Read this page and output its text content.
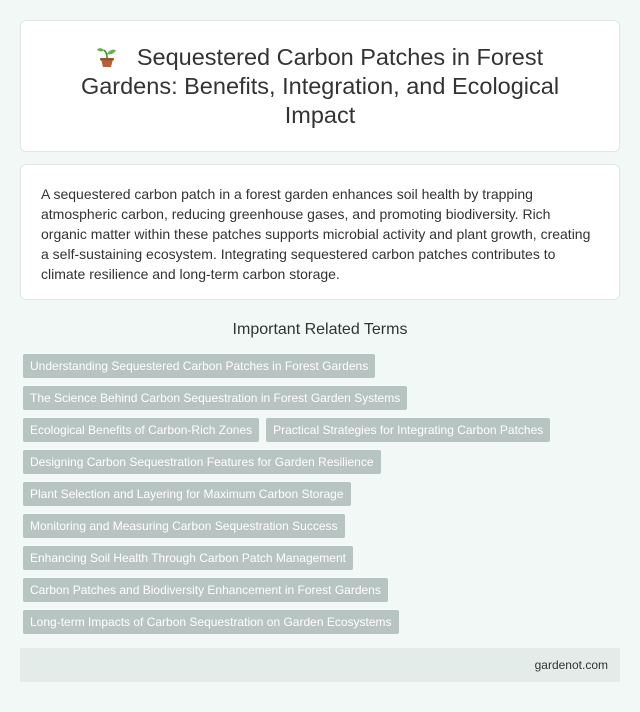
Sequestered Carbon Patches in Forest Gardens: Benefits, Integration, and Ecological Impact

A sequestered carbon patch in a forest garden enhances soil health by trapping atmospheric carbon, reducing greenhouse gases, and promoting biodiversity. Rich organic matter within these patches supports microbial activity and plant growth, creating a self-sustaining ecosystem. Integrating sequestered carbon patches contributes to climate resilience and long-term carbon storage.

Important Related Terms
Understanding Sequestered Carbon Patches in Forest Gardens
The Science Behind Carbon Sequestration in Forest Garden Systems
Ecological Benefits of Carbon-Rich Zones	Practical Strategies for Integrating Carbon Patches
Designing Carbon Sequestration Features for Garden Resilience
Plant Selection and Layering for Maximum Carbon Storage
Monitoring and Measuring Carbon Sequestration Success
Enhancing Soil Health Through Carbon Patch Management
Carbon Patches and Biodiversity Enhancement in Forest Gardens
Long-term Impacts of Carbon Sequestration on Garden Ecosystems
gardenot.com
